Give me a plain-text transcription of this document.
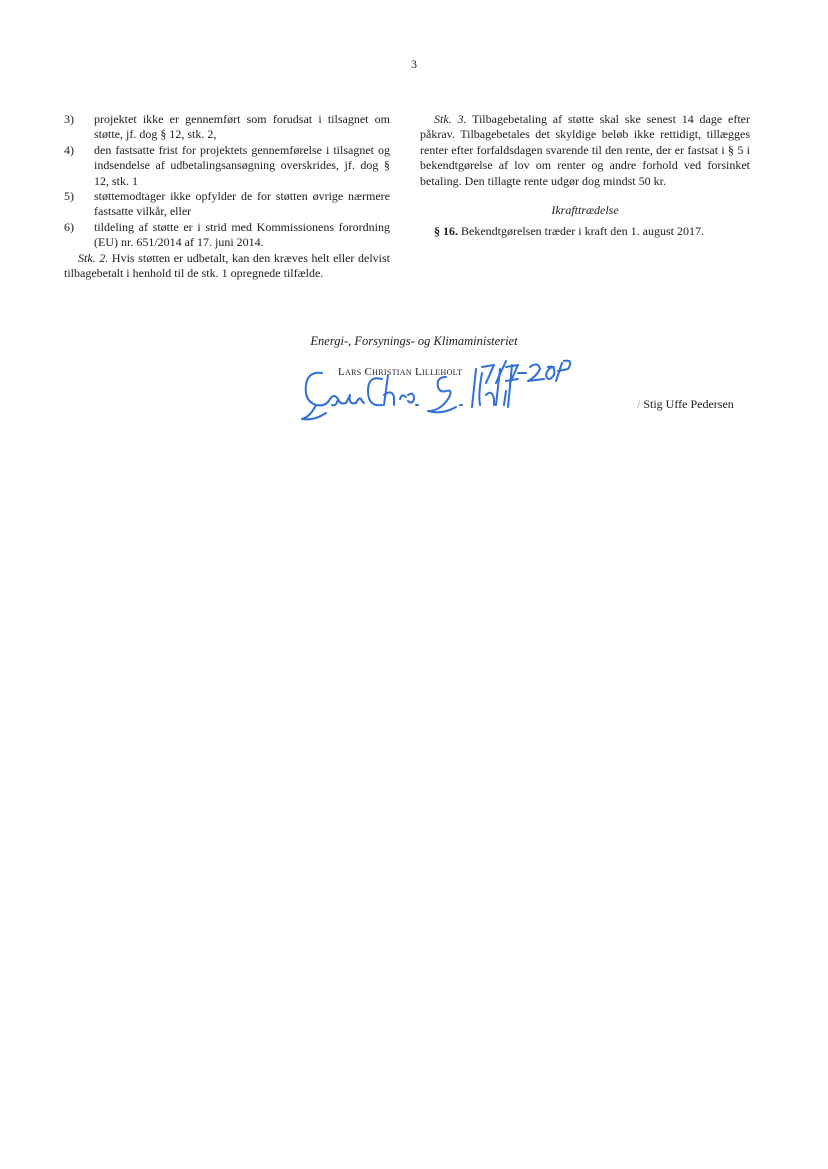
3
3)	projektet ikke er gennemført som forudsat i tilsagnet om støtte, jf. dog § 12, stk. 2,
4)	den fastsatte frist for projektets gennemførelse i tilsagnet og indsendelse af udbetalingsansøgning overskrides, jf. dog § 12, stk. 1
5)	støttemodtager ikke opfylder de for støtten øvrige nærmere fastsatte vilkår, eller
6)	tildeling af støtte er i strid med Kommissionens forordning (EU) nr. 651/2014 af 17. juni 2014.

Stk. 2. Hvis støtten er udbetalt, kan den kræves helt eller delvist tilbagebetalt i henhold til de stk. 1 opregnede tilfælde.

Stk. 3. Tilbagebetaling af støtte skal ske senest 14 dage efter påkrav. Tilbagebetales det skyldige beløb ikke rettidigt, tillægges renter efter forfaldsdagen svarende til den rente, der er fastsat i § 5 i bekendtgørelse af lov om renter og andre forhold ved forsinket betaling. Den tillagte rente udgør dog mindst 50 kr.

Ikrafttrædelse

§ 16. Bekendtgørelsen træder i kraft den 1. august 2017.

Energi-, Forsynings- og Klimaministeriet
Lars Christian Lilleholt
/ Stig Uffe Pedersen
